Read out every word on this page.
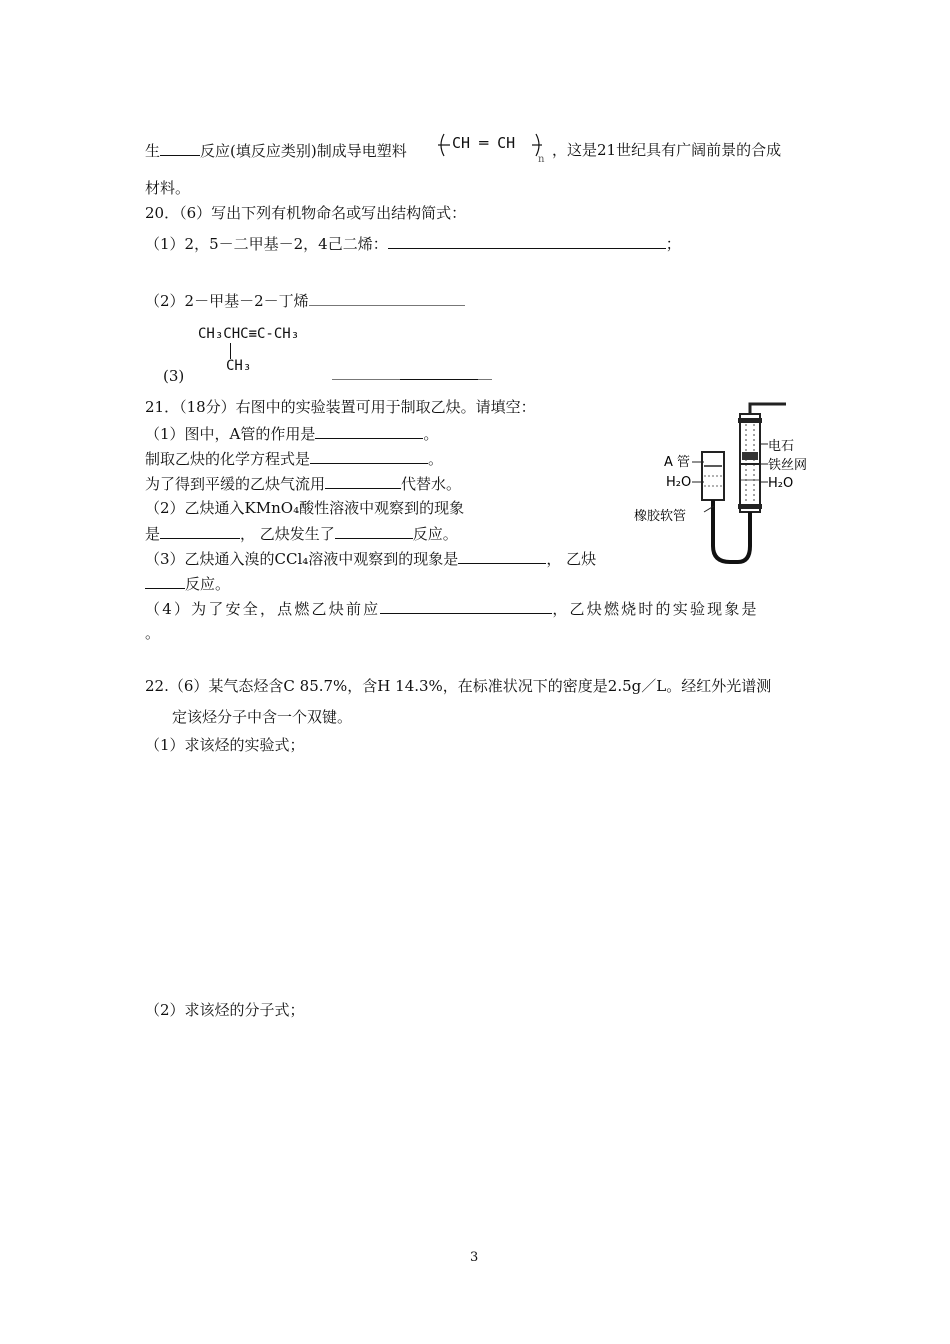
生	反应(填反应类别)制成导电塑料	CH ═ CH
n
，这是21世纪具有广阔前景的合成
材料。
20．（6）写出下列有机物命名或写出结构简式：
（1）2，5－二甲基－2，4己二烯：	；
（2）2－甲基－2－丁烯
CH₃CHC≡C-CH₃
CH₃
(3)
21．（18分）右图中的实验装置可用于制取乙炔。请填空：
（1）图中，A管的作用是	。
制取乙炔的化学方程式是	。
为了得到平缓的乙炔气流用	代替水。
（2）乙炔通入KMnO₄酸性溶液中观察到的现象
是	， 乙炔发生了	反应。
（3）乙炔通入溴的CCl₄溶液中观察到的现象是	， 乙炔
反应。
（4）为了安全，点燃乙炔前应	，乙炔燃烧时的实验现象是
。
A 管
H₂O
橡胶软管
电石
铁丝网
H₂O
22.（6）某气态烃含C 85.7%，含H 14.3%，在标准状况下的密度是2.5g／L。经红外光谱测
定该烃分子中含一个双键。
（1）求该烃的实验式；
（2）求该烃的分子式；
3
